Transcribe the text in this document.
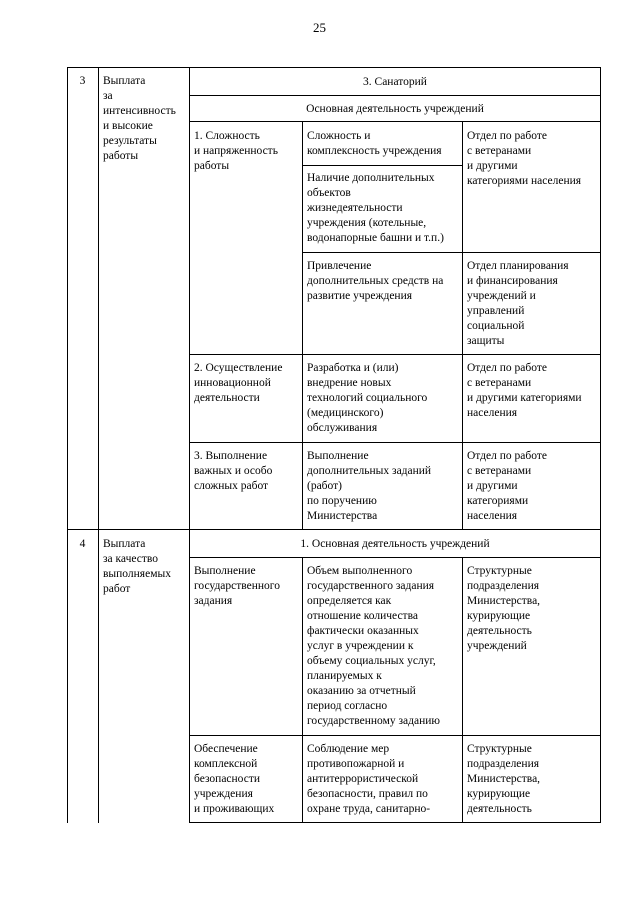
25
3	Выплата
за
интенсивность
и высокие
результаты
работы
3. Санаторий
Основная деятельность учреждений
1. Сложность
и напряженность
работы
Сложность и
комплексность учреждения
Отдел по работе
с ветеранами
и другими
категориями населения
Наличие дополнительных
объектов
жизнедеятельности
учреждения (котельные,
водонапорные башни и т.п.)
Привлечение
дополнительных средств на
развитие учреждения
Отдел планирования
и финансирования
учреждений и
управлений
социальной
защиты
2. Осуществление
инновационной
деятельности
Разработка и (или)
внедрение новых
технологий социального
(медицинского)
обслуживания
Отдел по работе
с ветеранами
и другими категориями
населения
3. Выполнение
важных и особо
сложных работ
Выполнение
дополнительных заданий
(работ)
по поручению
Министерства
Отдел по работе
с ветеранами
и другими
категориями
населения
4	Выплата
за качество
выполняемых
работ
1. Основная деятельность учреждений
Выполнение
государственного
задания
Объем выполненного
государственного задания
определяется как
отношение количества
фактически оказанных
услуг в учреждении к
объему социальных услуг,
планируемых к
оказанию за отчетный
период согласно
государственному заданию
Структурные
подразделения
Министерства,
курирующие
деятельность
учреждений
Обеспечение
комплексной
безопасности
учреждения
и проживающих
Соблюдение мер
противопожарной и
антитеррористической
безопасности, правил по
охране труда, санитарно-
Структурные
подразделения
Министерства,
курирующие
деятельность
